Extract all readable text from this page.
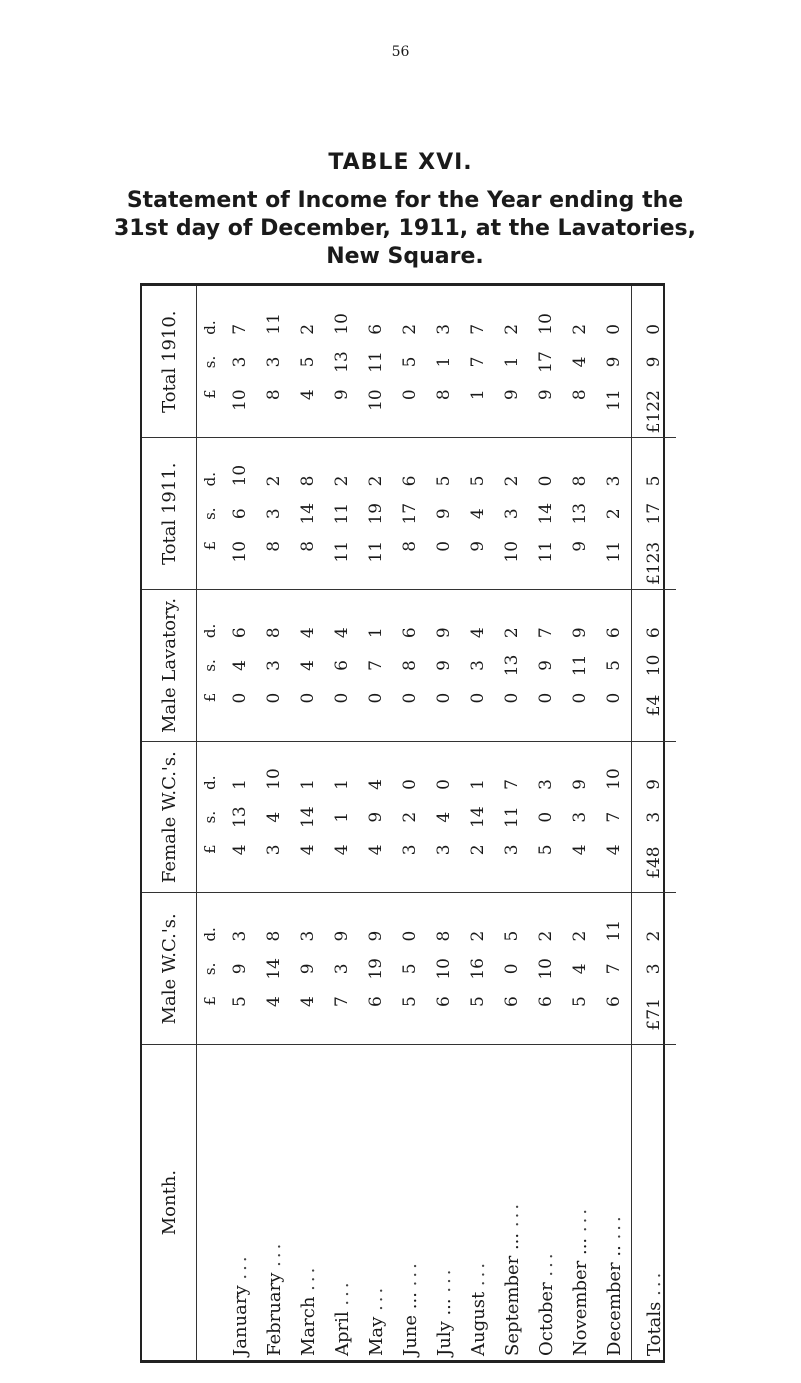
56
TABLE XVI.
Statement of Income for the Year ending the
31st day of December, 1911, at the Lavatories,
New Square.
Month.	Male W.C.'s.			Female W.C.'s.			Male Lavatory.			Total 1911.			Total 1910.		
	£	s.	d.	£	s.	d.	£	s.	d.	£	s.	d.	£	s.	d.
January ...	5	9	3	4	13	1	0	4	6	10	6	10	10	3	7
February ...	4	14	8	3	4	10	0	3	8	8	3	2	8	3	11
March ...	4	9	3	4	14	1	0	4	4	8	14	8	4	5	2
April ...	7	3	9	4	1	1	0	6	4	11	11	2	9	13	10
May ...	6	19	9	4	9	4	0	7	1	11	19	2	10	11	6
June ... ...	5	5	0	3	2	0	0	8	6	8	17	6	0	5	2
July ... ...	6	10	8	3	4	0	0	9	9	0	9	5	8	1	3
August ...	5	16	2	2	14	1	0	3	4	9	4	5	1	7	7
September ... ...	6	0	5	3	11	7	0	13	2	10	3	2	9	1	2
October ...	6	10	2	5	0	3	0	9	7	11	14	0	9	17	10
November ... ...	5	4	2	4	3	9	0	11	9	9	13	8	8	4	2
December .. ...	6	7	11	4	7	10	0	5	6	11	2	3	11	9	0
Totals ...	£71	3	2	£48	3	9	£4	10	6	£123	17	5	£122	9	0
